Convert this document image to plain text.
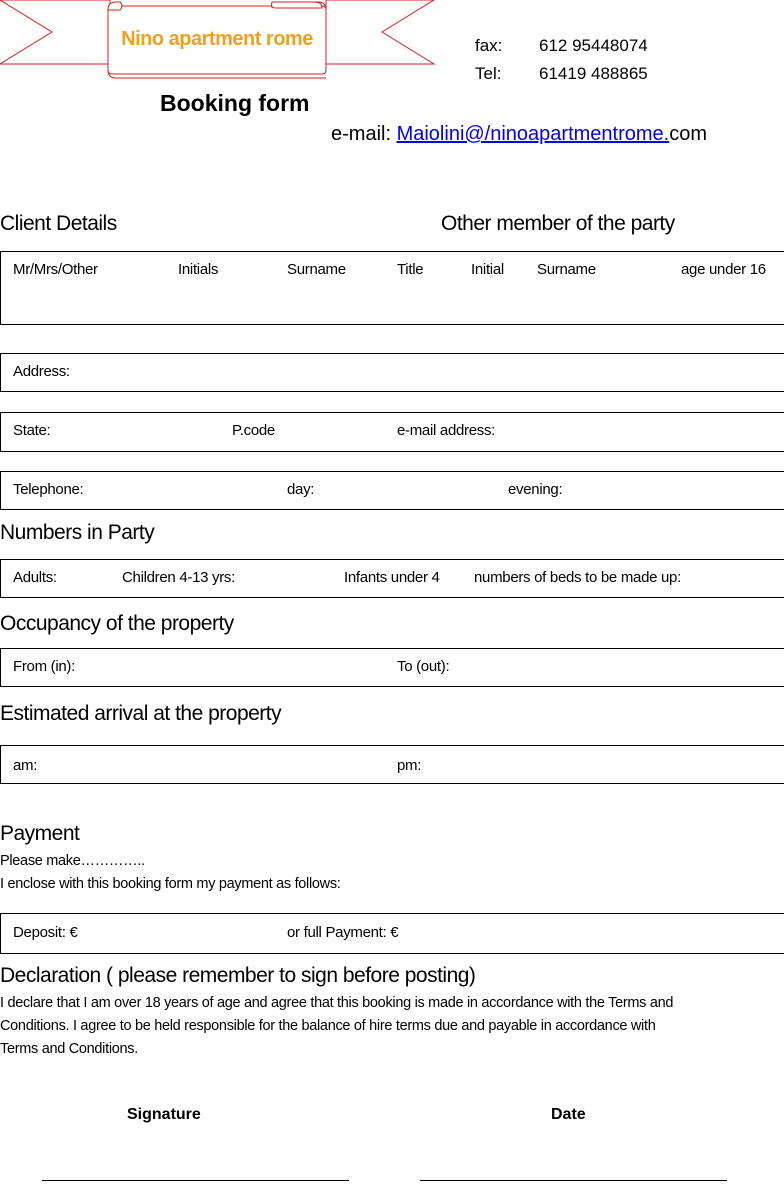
Nino apartment rome	fax: 612 95448074
Tel: 61419 488865
Booking form
e-mail: Maiolini@/ninoapartmentrome.com
Client Details	Other member of the party
Mr/Mrs/Other	Initials	Surname	Title	Initial Surname	age under 16
Address:
State:	P.code	e-mail address:
Telephone:	day:	evening:
Numbers in Party
Adults:	Children 4-13 yrs:	Infants under 4 numbers of beds to be made up:
Occupancy of the property
From (in):	To (out):
Estimated arrival at the property
am:	pm:
Payment
Please make…………..
I enclose with this booking form my payment as follows:
Deposit: €	or full Payment: €
Declaration ( please remember to sign before posting)
I declare that I am over 18 years of age and agree that this booking is made in accordance with the Terms and
Conditions. I agree to be held responsible for the balance of hire terms due and payable in accordance with
Terms and Conditions.
Signature	Date
